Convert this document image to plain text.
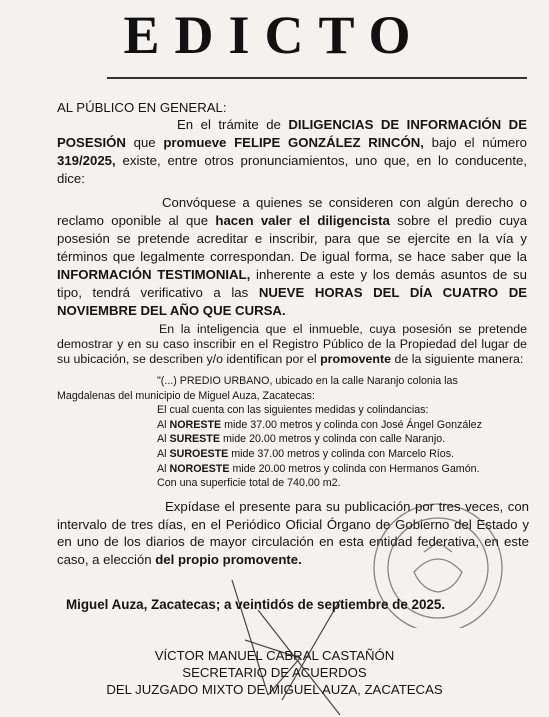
EDICTO

AL PÚBLICO EN GENERAL:

En el trámite de DILIGENCIAS DE INFORMACIÓN DE POSESIÓN que promueve FELIPE GONZÁLEZ RINCÓN, bajo el número 319/2025, existe, entre otros pronunciamientos, uno que, en lo conducente, dice:

Convóquese a quienes se consideren con algún derecho o reclamo oponible al que hacen valer el diligencista sobre el predio cuya posesión se pretende acreditar e inscribir, para que se ejercite en la vía y términos que legalmente correspondan. De igual forma, se hace saber que la INFORMACIÓN TESTIMONIAL, inherente a este y los demás asuntos de su tipo, tendrá verificativo a las NUEVE HORAS DEL DÍA CUATRO DE NOVIEMBRE DEL AÑO QUE CURSA.

En la inteligencia que el inmueble, cuya posesión se pretende demostrar y en su caso inscribir en el Registro Público de la Propiedad del lugar de su ubicación, se describen y/o identifican por el promovente de la siguiente manera:

"(...) PREDIO URBANO, ubicado en la calle Naranjo colonia las
Magdalenas del municipio de Miguel Auza, Zacatecas:
El cual cuenta con las siguientes medidas y colindancias:
Al NORESTE mide 37.00 metros y colinda con José Ángel González
Al SURESTE mide 20.00 metros y colinda con calle Naranjo.
Al SUROESTE mide 37.00 metros y colinda con Marcelo Ríos.
Al NOROESTE mide 20.00 metros y colinda con Hermanos Gamón.
Con una superficie total de 740.00 m2.

Expídase el presente para su publicación por tres veces, con intervalo de tres días, en el Periódico Oficial Órgano de Gobierno del Estado y en uno de los diarios de mayor circulación en esta entidad federativa, en este caso, a elección del propio promovente.

Miguel Auza, Zacatecas; a veintidós de septiembre de 2025.
VÍCTOR MANUEL CABRAL CASTAÑÓN
SECRETARIO DE ACUERDOS
DEL JUZGADO MIXTO DE MIGUEL AUZA, ZACATECAS
